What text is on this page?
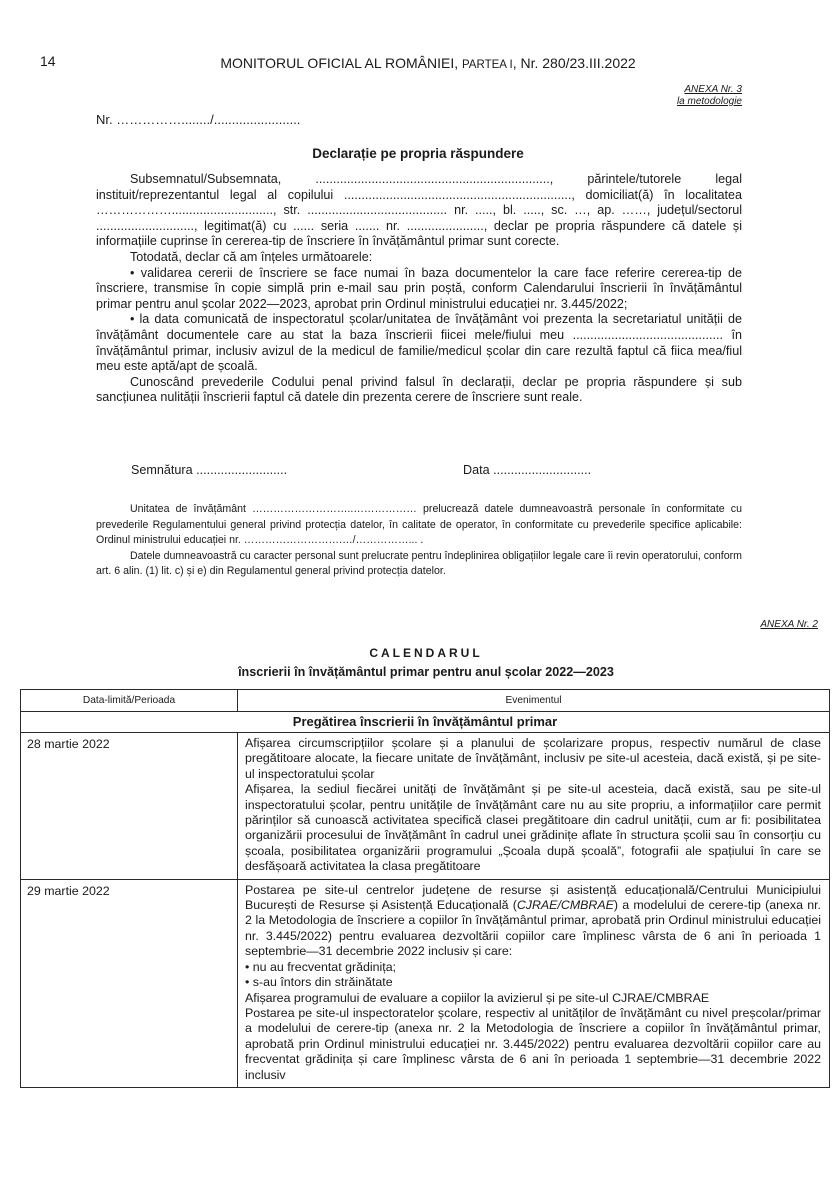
14	MONITORUL OFICIAL AL ROMÂNIEI, PARTEA I, Nr. 280/23.III.2022
ANEXA Nr. 3
la metodologie
Nr. ……………......../........................
Declarație pe propria răspundere

Subsemnatul/Subsemnata, ..................................................................., părintele/tutorele legal instituit/reprezentantul legal al copilului ................................................................., domiciliat(ă) în localitatea ………………............................., str. ........................................ nr. ....., bl. ....., sc. …, ap. ……, județul/sectorul ............................, legitimat(ă) cu ...... seria ....... nr. ......................, declar pe propria răspundere că datele și informațiile cuprinse în cererea-tip de înscriere în învățământul primar sunt corecte.

Totodată, declar că am înțeles următoarele:

• validarea cererii de înscriere se face numai în baza documentelor la care face referire cererea-tip de înscriere, transmise în copie simplă prin e-mail sau prin poștă, conform Calendarului înscrierii în învățământul primar pentru anul școlar 2022—2023, aprobat prin Ordinul ministrului educației nr. 3.445/2022;

• la data comunicată de inspectoratul școlar/unitatea de învățământ voi prezenta la secretariatul unității de învățământ documentele care au stat la baza înscrierii fiicei mele/fiului meu ........................................... în învățământul primar, inclusiv avizul de la medicul de familie/medicul școlar din care rezultă faptul că fiica mea/fiul meu este aptă/apt de școală.

Cunoscând prevederile Codului penal privind falsul în declarații, declar pe propria răspundere și sub sancțiunea nulității înscrierii faptul că datele din prezenta cerere de înscriere sunt reale.

Semnătura ..........................	Data ............................

Unitatea de învățământ ………………………..……………… prelucrează datele dumneavoastră personale în conformitate cu prevederile Regulamentului general privind protecția datelor, în calitate de operator, în conformitate cu prevederile specifice aplicabile: Ordinul ministrului educației nr. ……………………….…/……………... .

Datele dumneavoastră cu caracter personal sunt prelucrate pentru îndeplinirea obligațiilor legale care îi revin operatorului, conform art. 6 alin. (1) lit. c) și e) din Regulamentul general privind protecția datelor.

ANEXA Nr. 2
CALENDARUL
înscrierii în învățământul primar pentru anul școlar 2022—2023
Data-limită/Perioada	Evenimentul
Pregătirea înscrierii în învățământul primar	
28 martie 2022	Afișarea circumscripțiilor școlare și a planului de școlarizare propus, respectiv numărul de clase pregătitoare alocate, la fiecare unitate de învățământ, inclusiv pe site-ul acesteia, dacă există, și pe site-ul inspectoratului școlar

Afișarea, la sediul fiecărei unități de învățământ și pe site-ul acesteia, dacă există, sau pe site-ul inspectoratului școlar, pentru unitățile de învățământ care nu au site propriu, a informațiilor care permit părinților să cunoască activitatea specifică clasei pregătitoare din cadrul unității, cum ar fi: posibilitatea organizării procesului de învățământ în cadrul unei grădinițe aflate în structura școlii sau în consorțiu cu școala, posibilitatea organizării programului „Școala după școală”, fotografii ale spațiului în care se desfășoară activitatea la clasa pregătitoare

29 martie 2022	Postarea pe site-ul centrelor județene de resurse și asistență educațională/Centrului Municipiului București de Resurse și Asistență Educațională (CJRAE/CMBRAE) a modelului de cerere-tip (anexa nr. 2 la Metodologia de înscriere a copiilor în învățământul primar, aprobată prin Ordinul ministrului educației nr. 3.445/2022) pentru evaluarea dezvoltării copiilor care împlinesc vârsta de 6 ani în perioada 1 septembrie—31 decembrie 2022 inclusiv și care:

• nu au frecventat grădinița;

• s-au întors din străinătate

Afișarea programului de evaluare a copiilor la avizierul și pe site-ul CJRAE/CMBRAE

Postarea pe site-ul inspectoratelor școlare, respectiv al unităților de învățământ cu nivel preșcolar/primar a modelului de cerere-tip (anexa nr. 2 la Metodologia de înscriere a copiilor în învățământul primar, aprobată prin Ordinul ministrului educației nr. 3.445/2022) pentru evaluarea dezvoltării copiilor care au frecventat grădinița și care împlinesc vârsta de 6 ani în perioada 1 septembrie—31 decembrie 2022 inclusiv
